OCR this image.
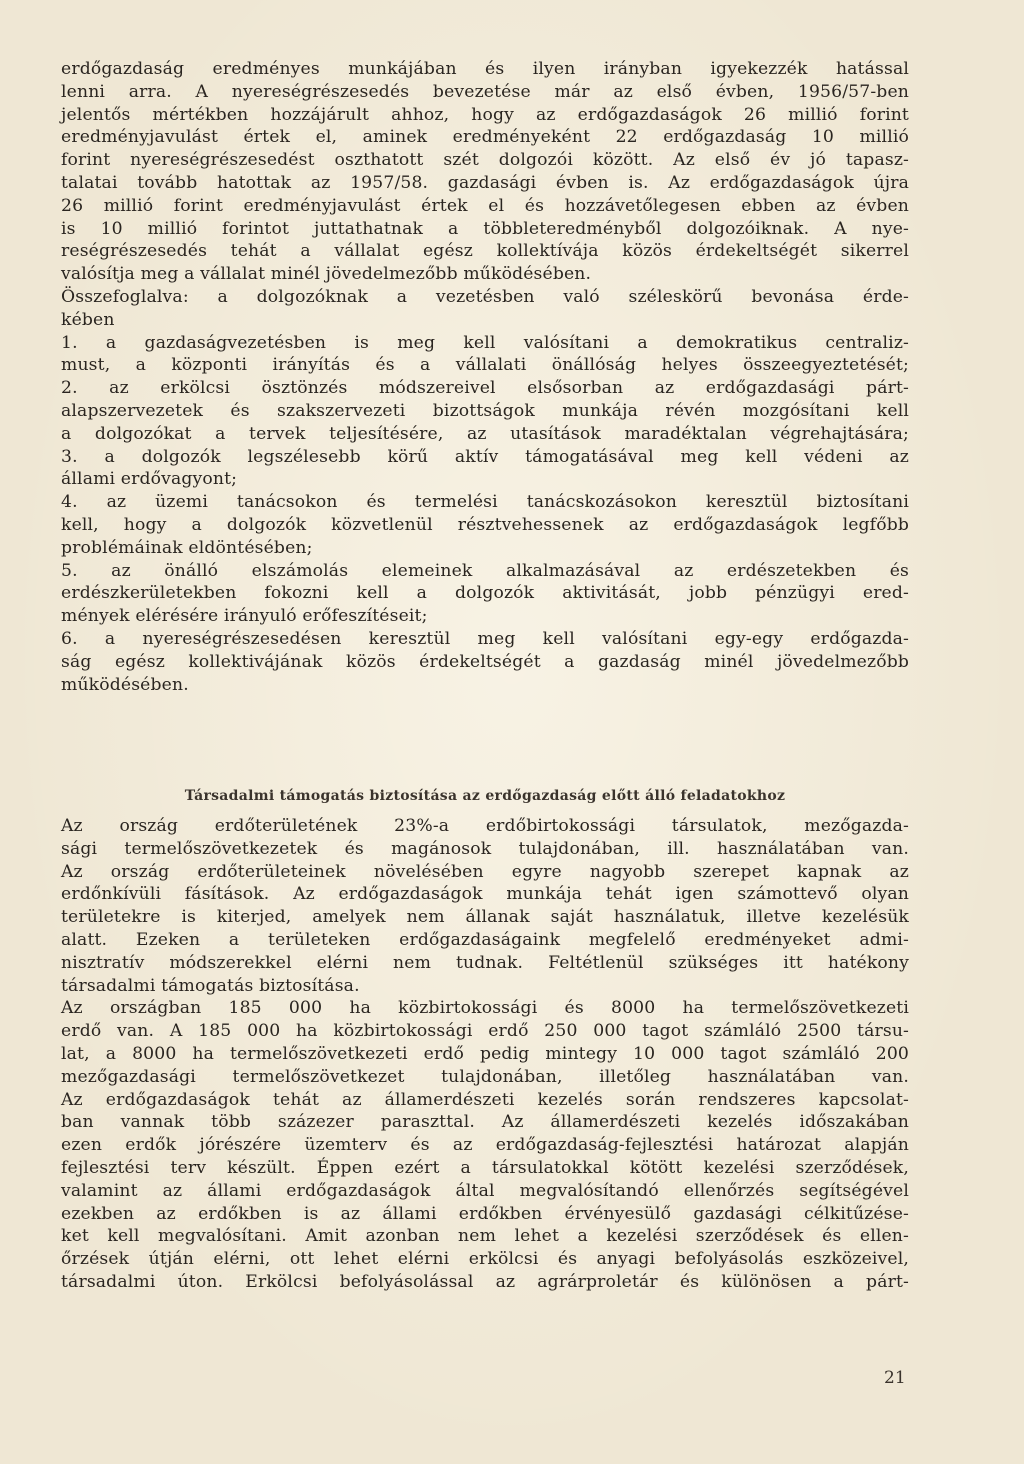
erdőgazdaság eredményes munkájában és ilyen irányban igyekezzék hatással
lenni arra. A nyereségrészesedés bevezetése már az első évben, 1956/57-ben
jelentős mértékben hozzájárult ahhoz, hogy az erdőgazdaságok 26 millió forint
eredményjavulást értek el, aminek eredményeként 22 erdőgazdaság 10 millió
forint nyereségrészesedést oszthatott szét dolgozói között. Az első év jó tapasz-
talatai tovább hatottak az 1957/58. gazdasági évben is. Az erdőgazdaságok újra
26 millió forint eredményjavulást értek el és hozzávetőlegesen ebben az évben
is 10 millió forintot juttathatnak a többleteredményből dolgozóiknak. A nye-
reségrészesedés tehát a vállalat egész kollektívája közös érdekeltségét sikerrel
valósítja meg a vállalat minél jövedelmezőbb működésében.
Összefoglalva: a dolgozóknak a vezetésben való széleskörű bevonása érde-
kében
1. a gazdaságvezetésben is meg kell valósítani a demokratikus centraliz-
must, a központi irányítás és a vállalati önállóság helyes összeegyeztetését;
2. az erkölcsi ösztönzés módszereivel elsősorban az erdőgazdasági párt-
alapszervezetek és szakszervezeti bizottságok munkája révén mozgósítani kell
a dolgozókat a tervek teljesítésére, az utasítások maradéktalan végrehajtására;
3. a dolgozók legszélesebb körű aktív támogatásával meg kell védeni az
állami erdővagyont;
4. az üzemi tanácsokon és termelési tanácskozásokon keresztül biztosítani
kell, hogy a dolgozók közvetlenül résztvehessenek az erdőgazdaságok legfőbb
problémáinak eldöntésében;
5. az önálló elszámolás elemeinek alkalmazásával az erdészetekben és
erdészkerületekben fokozni kell a dolgozók aktivitását, jobb pénzügyi ered-
mények elérésére irányuló erőfeszítéseit;
6. a nyereségrészesedésen keresztül meg kell valósítani egy-egy erdőgazda-
ság egész kollektivájának közös érdekeltségét a gazdaság minél jövedelmezőbb
működésében.
Társadalmi támogatás biztosítása az erdőgazdaság előtt álló feladatokhoz
Az ország erdőterületének 23%-a erdőbirtokossági társulatok, mezőgazda-
sági termelőszövetkezetek és magánosok tulajdonában, ill. használatában van.
Az ország erdőterületeinek növelésében egyre nagyobb szerepet kapnak az
erdőnkívüli fásítások. Az erdőgazdaságok munkája tehát igen számottevő olyan
területekre is kiterjed, amelyek nem állanak saját használatuk, illetve kezelésük
alatt. Ezeken a területeken erdőgazdaságaink megfelelő eredményeket admi-
nisztratív módszerekkel elérni nem tudnak. Feltétlenül szükséges itt hatékony
társadalmi támogatás biztosítása.
Az országban 185 000 ha közbirtokossági és 8000 ha termelőszövetkezeti
erdő van. A 185 000 ha közbirtokossági erdő 250 000 tagot számláló 2500 társu-
lat, a 8000 ha termelőszövetkezeti erdő pedig mintegy 10 000 tagot számláló 200
mezőgazdasági termelőszövetkezet tulajdonában, illetőleg használatában van.
Az erdőgazdaságok tehát az államerdészeti kezelés során rendszeres kapcsolat-
ban vannak több százezer paraszttal. Az államerdészeti kezelés időszakában
ezen erdők jórészére üzemterv és az erdőgazdaság-fejlesztési határozat alapján
fejlesztési terv készült. Éppen ezért a társulatokkal kötött kezelési szerződések,
valamint az állami erdőgazdaságok által megvalósítandó ellenőrzés segítségével
ezekben az erdőkben is az állami erdőkben érvényesülő gazdasági célkitűzése-
ket kell megvalósítani. Amit azonban nem lehet a kezelési szerződések és ellen-
őrzések útján elérni, ott lehet elérni erkölcsi és anyagi befolyásolás eszközeivel,
társadalmi úton. Erkölcsi befolyásolással az agrárproletár és különösen a párt-
21
